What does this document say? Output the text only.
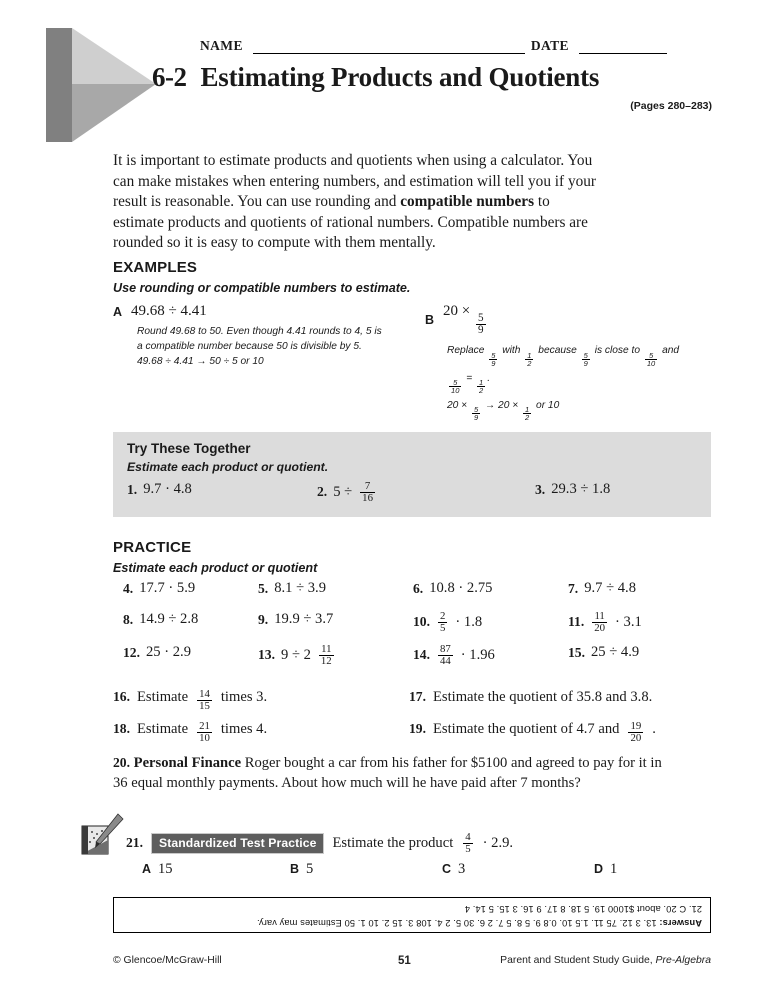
NAME	DATE
6-2 Estimating Products and Quotients
(Pages 280–283)

It is important to estimate products and quotients when using a calculator. You can make mistakes when entering numbers, and estimation will tell you if your result is reasonable. You can use rounding and compatible numbers to estimate products and quotients of rational numbers. Compatible numbers are rounded so it is easy to compute with them mentally.

EXAMPLES
Use rounding or compatible numbers to estimate.
A 49.68 ÷ 4.41
Round 49.68 to 50. Even though 4.41 rounds to 4, 5 is
a compatible number because 50 is divisible by 5.
49.68 ÷ 4.41 → 50 ÷ 5 or 10
B
20 ×
$\frac{5}{9}$
Replace
$\frac{5}{9}$
with
$\frac{1}{2}$
because
$\frac{5}{9}$
is close to
$\frac{5}{10}$
and
$\frac{5}{10}$
=
$\frac{1}{2}$
.
20 ×
$\frac{5}{9}$
→ 20 ×
$\frac{1}{2}$
or 10
Try These Together
Estimate each product or quotient.
1. 9.7 · 4.8	2. $5 \div \frac{7}{16}$	3. 29.3 ÷ 1.8
PRACTICE
Estimate each product or quotient
4. 17.7 · 5.9	5. 8.1 ÷ 3.9	6. 10.8 · 2.75	7. 9.7 ÷ 4.8
8. 14.9 ÷ 2.8	9. 19.9 ÷ 3.7	10. $\frac{2}{5} \cdot 1.8$	11. $\frac{11}{20} \cdot 3.1$
12. 25 · 2.9	13. $9 \div 2 \frac{11}{12}$	14. $\frac{87}{44} \cdot 1.96$	15. 25 ÷ 4.9
16. Estimate $\frac{14}{15}$ times 3.	17. Estimate the quotient of 35.8 and 3.8.
18. Estimate $\frac{21}{10}$ times 4.	19. Estimate the quotient of 4.7 and $\frac{19}{20}$ .
20. Personal Finance Roger bought a car from his father for $5100 and agreed to pay for it in 36 equal monthly payments. About how much will he have paid after 7 months?
21.	Standardized Test Practice	Estimate the product $\frac{4}{5} \cdot 2.9$.
A 15	B 5	C 3	D 1
Answers: 13. 3 12. 75 11. 1.5 10. 0.8 9. 5 8. 5 7. 2 6. 30 5. 2 4. 108 3. 15 2. 10 1. 50 Estimates may vary.
21. C 20. about $1000 19. 5 18. 8 17. 9 16. 3 15. 5 14. 4
© Glencoe/McGraw-Hill	51	Parent and Student Study Guide, Pre-Algebra
